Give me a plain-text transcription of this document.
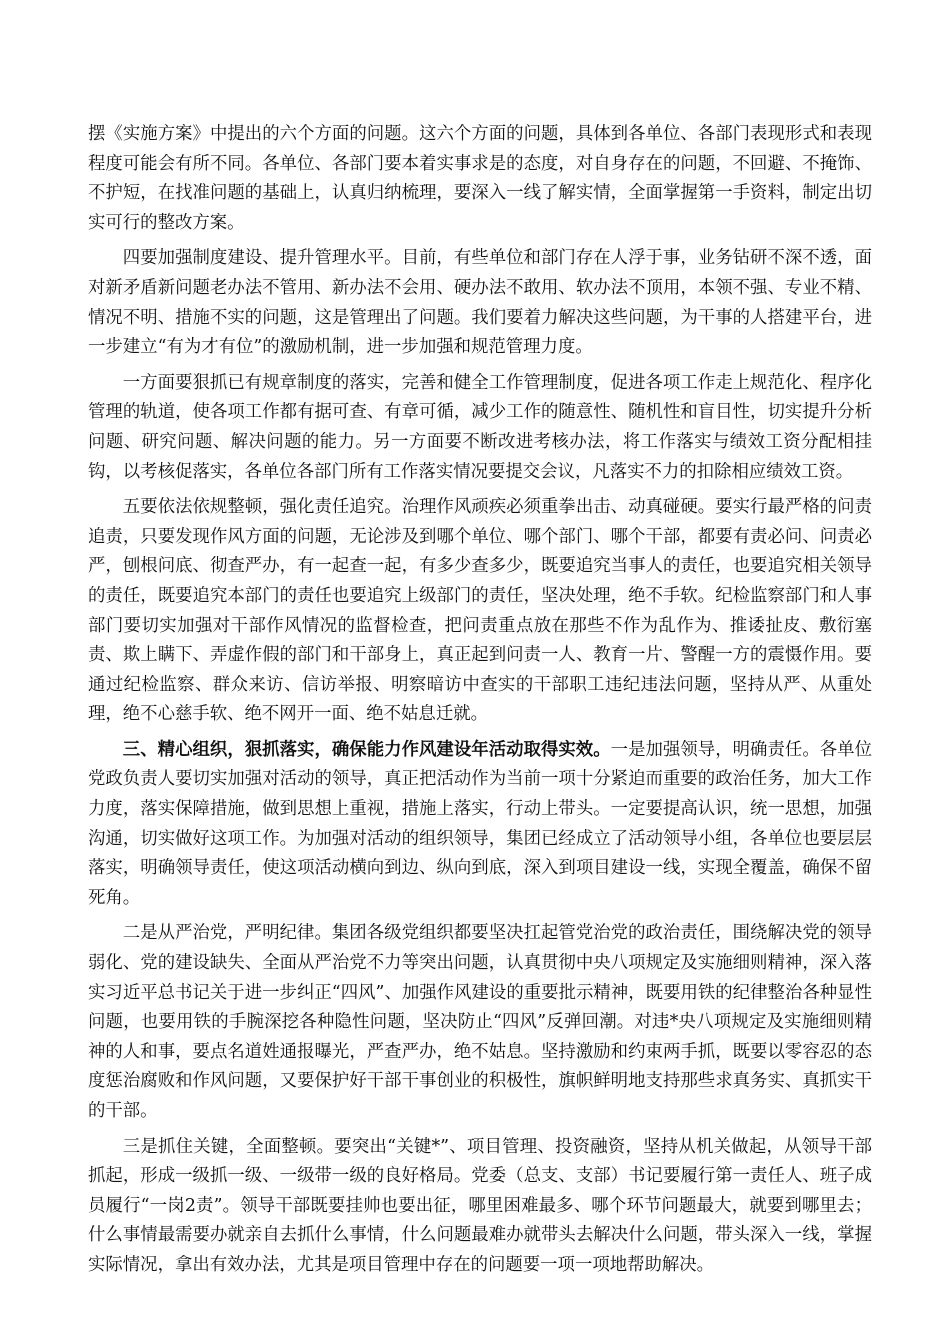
摆《实施方案》中提出的六个方面的问题。这六个方面的问题，具体到各单位、各部门表现形式和表现程度可能会有所不同。各单位、各部门要本着实事求是的态度，对自身存在的问题，不回避、不掩饰、不护短，在找准问题的基础上，认真归纳梳理，要深入一线了解实情，全面掌握第一手资料，制定出切实可行的整改方案。

四要加强制度建设、提升管理水平。目前，有些单位和部门存在人浮于事，业务钻研不深不透，面对新矛盾新问题老办法不管用、新办法不会用、硬办法不敢用、软办法不顶用，本领不强、专业不精、情况不明、措施不实的问题，这是管理出了问题。我们要着力解决这些问题，为干事的人搭建平台，进一步建立“有为才有位”的激励机制，进一步加强和规范管理力度。

一方面要狠抓已有规章制度的落实，完善和健全工作管理制度，促进各项工作走上规范化、程序化管理的轨道，使各项工作都有据可查、有章可循，减少工作的随意性、随机性和盲目性，切实提升分析问题、研究问题、解决问题的能力。另一方面要不断改进考核办法，将工作落实与绩效工资分配相挂钩，以考核促落实，各单位各部门所有工作落实情况要提交会议，凡落实不力的扣除相应绩效工资。

五要依法依规整顿，强化责任追究。治理作风顽疾必须重拳出击、动真碰硬。要实行最严格的问责追责，只要发现作风方面的问题，无论涉及到哪个单位、哪个部门、哪个干部，都要有责必问、问责必严，刨根问底、彻查严办，有一起查一起，有多少查多少，既要追究当事人的责任，也要追究相关领导的责任，既要追究本部门的责任也要追究上级部门的责任，坚决处理，绝不手软。纪检监察部门和人事部门要切实加强对干部作风情况的监督检查，把问责重点放在那些不作为乱作为、推诿扯皮、敷衍塞责、欺上瞒下、弄虚作假的部门和干部身上，真正起到问责一人、教育一片、警醒一方的震慑作用。要通过纪检监察、群众来访、信访举报、明察暗访中查实的干部职工违纪违法问题，坚持从严、从重处理，绝不心慈手软、绝不网开一面、绝不姑息迁就。

三、精心组织，狠抓落实，确保能力作风建设年活动取得实效。一是加强领导，明确责任。各单位党政负责人要切实加强对活动的领导，真正把活动作为当前一项十分紧迫而重要的政治任务，加大工作力度，落实保障措施，做到思想上重视，措施上落实，行动上带头。一定要提高认识，统一思想，加强沟通，切实做好这项工作。为加强对活动的组织领导，集团已经成立了活动领导小组，各单位也要层层落实，明确领导责任，使这项活动横向到边、纵向到底，深入到项目建设一线，实现全覆盖，确保不留死角。

二是从严治党，严明纪律。集团各级党组织都要坚决扛起管党治党的政治责任，围绕解决党的领导弱化、党的建设缺失、全面从严治党不力等突出问题，认真贯彻中央八项规定及实施细则精神，深入落实习近平总书记关于进一步纠正“四风”、加强作风建设的重要批示精神，既要用铁的纪律整治各种显性问题，也要用铁的手腕深挖各种隐性问题，坚决防止“四风”反弹回潮。对违*央八项规定及实施细则精神的人和事，要点名道姓通报曝光，严查严办，绝不姑息。坚持激励和约束两手抓，既要以零容忍的态度惩治腐败和作风问题，又要保护好干部干事创业的积极性，旗帜鲜明地支持那些求真务实、真抓实干的干部。

三是抓住关键，全面整顿。要突出“关键*”、项目管理、投资融资，坚持从机关做起，从领导干部抓起，形成一级抓一级、一级带一级的良好格局。党委（总支、支部）书记要履行第一责任人、班子成员履行“一岗2责”。领导干部既要挂帅也要出征，哪里困难最多、哪个环节问题最大，就要到哪里去；什么事情最需要办就亲自去抓什么事情，什么问题最难办就带头去解决什么问题，带头深入一线，掌握实际情况，拿出有效办法，尤其是项目管理中存在的问题要一项一项地帮助解决。
